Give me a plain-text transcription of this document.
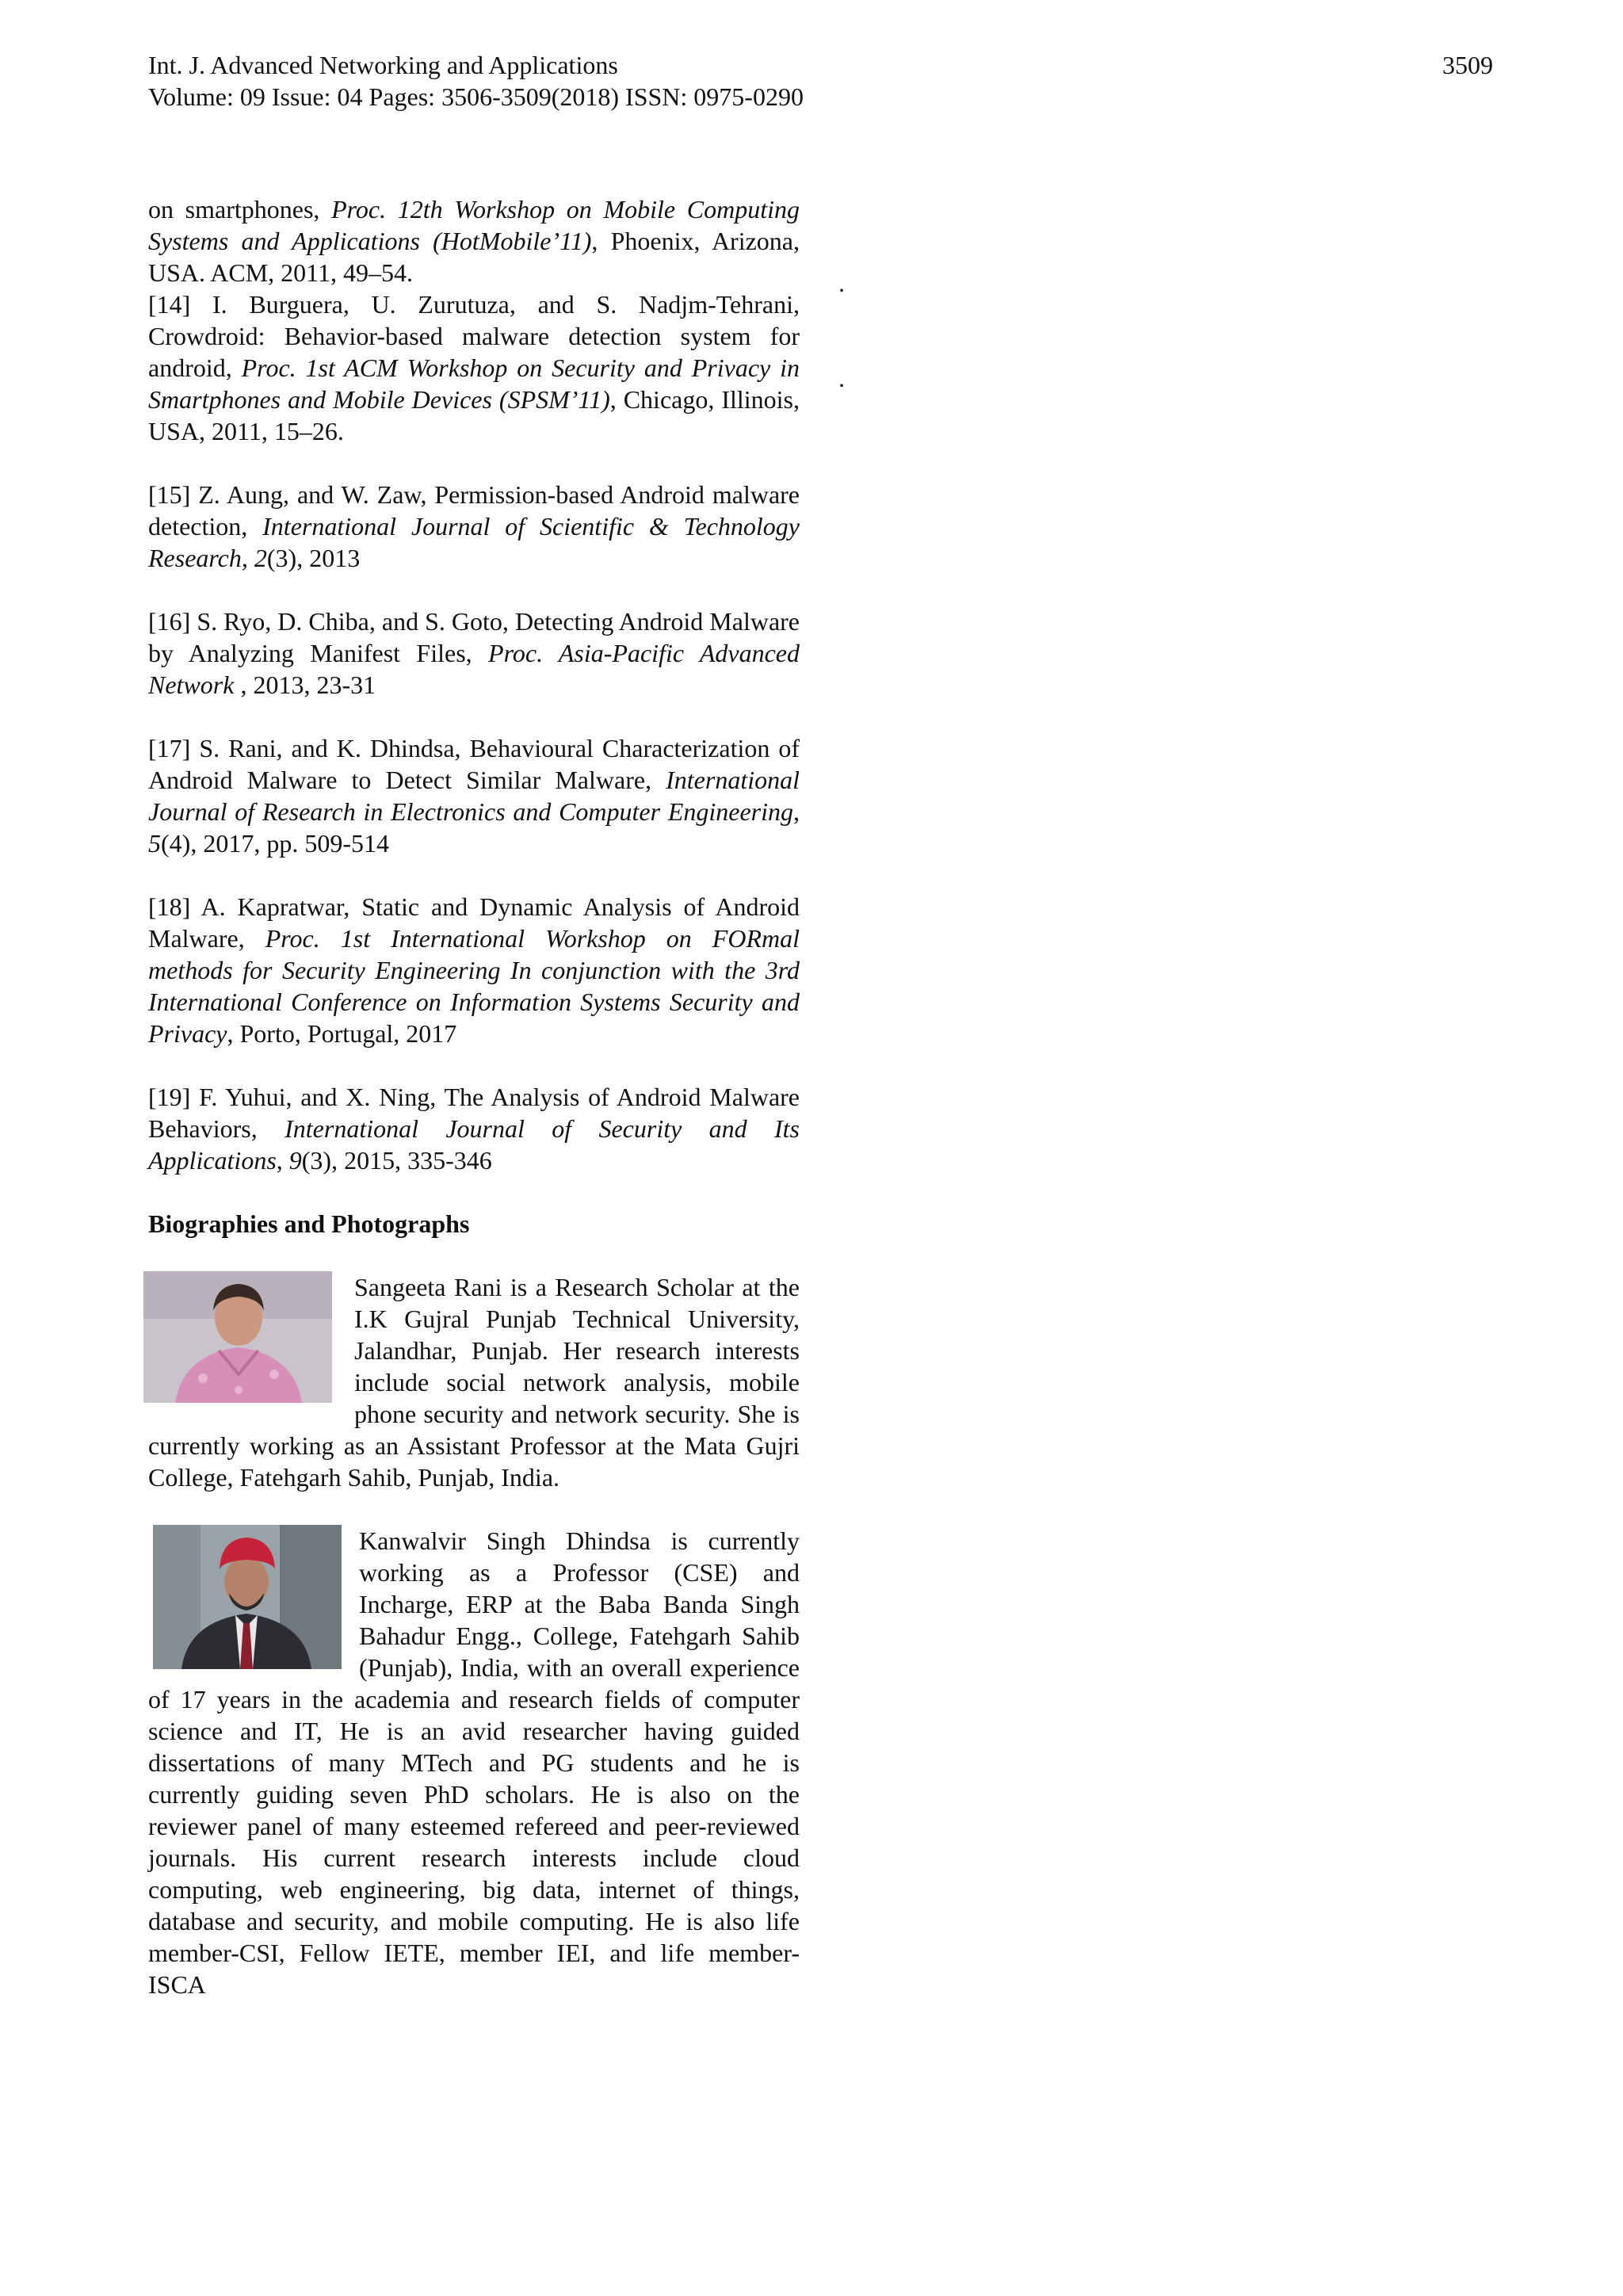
Int. J. Advanced Networking and Applications
Volume: 09 Issue: 04 Pages: 3506-3509(2018) ISSN: 0975-0290
3509
.
.

on smartphones, Proc. 12th Workshop on Mobile Computing Systems and Applications (HotMobile’11), Phoenix, Arizona, USA. ACM, 2011, 49–54.

[14] I. Burguera, U. Zurutuza, and S. Nadjm-Tehrani, Crowdroid: Behavior-based malware detection system for android, Proc. 1st ACM Workshop on Security and Privacy in Smartphones and Mobile Devices (SPSM’11), Chicago, Illinois, USA, 2011, 15–26.

[15] Z. Aung, and W. Zaw, Permission-based Android malware detection, International Journal of Scientific & Technology Research, 2(3), 2013

[16] S. Ryo, D. Chiba, and S. Goto, Detecting Android Malware by Analyzing Manifest Files, Proc. Asia-Pacific Advanced Network , 2013, 23-31

[17] S. Rani, and K. Dhindsa, Behavioural Characterization of Android Malware to Detect Similar Malware, International Journal of Research in Electronics and Computer Engineering, 5(4), 2017, pp. 509-514

[18] A. Kapratwar, Static and Dynamic Analysis of Android Malware, Proc. 1st International Workshop on FORmal methods for Security Engineering In conjunction with the 3rd International Conference on Information Systems Security and Privacy, Porto, Portugal, 2017

[19] F. Yuhui, and X. Ning, The Analysis of Android Malware Behaviors, International Journal of Security and Its Applications, 9(3), 2015, 335-346

Biographies and Photographs

Sangeeta Rani is a Research Scholar at the I.K Gujral Punjab Technical University, Jalandhar, Punjab. Her research interests include social network analysis, mobile phone security and network security. She is currently working as an Assistant Professor at the Mata Gujri College, Fatehgarh Sahib, Punjab, India.
Kanwalvir Singh Dhindsa is currently working as a Professor (CSE) and Incharge, ERP at the Baba Banda Singh Bahadur Engg., College, Fatehgarh Sahib (Punjab), India, with an overall experience of 17 years in the academia and research fields of computer science and IT, He is an avid researcher having guided dissertations of many MTech and PG students and he is currently guiding seven PhD scholars. He is also on the reviewer panel of many esteemed refereed and peer-reviewed journals. His current research interests include cloud computing, web engineering, big data, internet of things, database and security, and mobile computing. He is also life member-CSI, Fellow IETE, member IEI, and life member-ISCA
